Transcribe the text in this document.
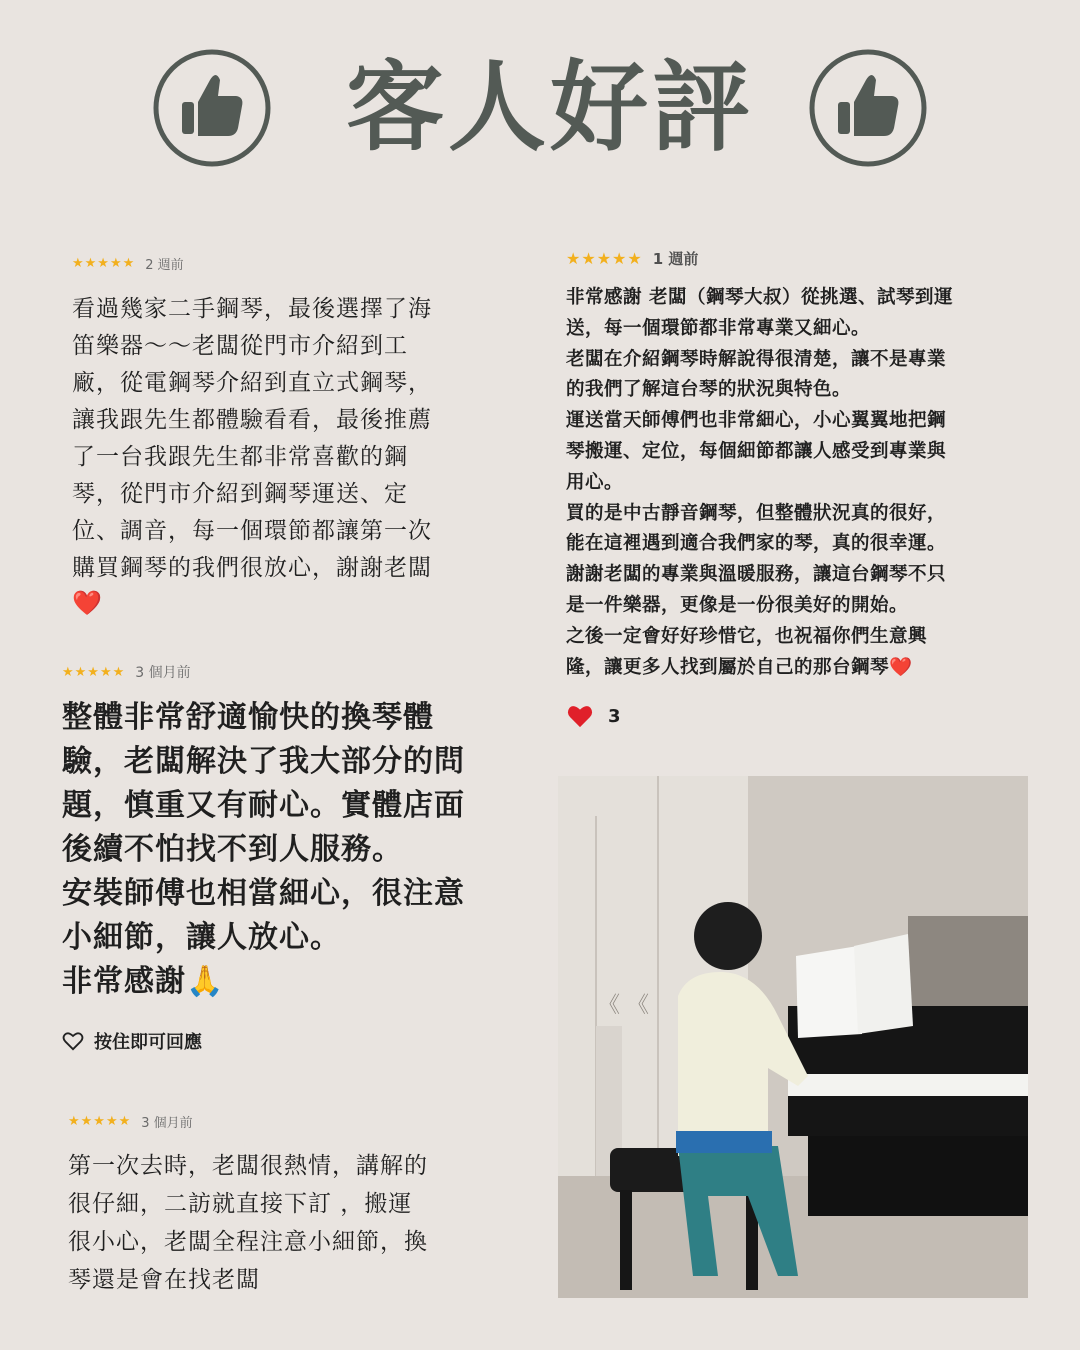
客人好評
★★★★★ 2 週前
看過幾家二手鋼琴，最後選擇了海
笛樂器～～老闆從門市介紹到工
廠，從電鋼琴介紹到直立式鋼琴，
讓我跟先生都體驗看看，最後推薦
了一台我跟先生都非常喜歡的鋼
琴，從門市介紹到鋼琴運送、定
位、調音，每一個環節都讓第一次
購買鋼琴的我們很放心，謝謝老闆
❤️
★★★★★ 3 個月前
整體非常舒適愉快的換琴體
驗，老闆解決了我大部分的問
題，慎重又有耐心。實體店面
後續不怕找不到人服務。
安裝師傅也相當細心，很注意
小細節，讓人放心。
非常感謝🙏
按住即可回應
★★★★★ 3 個月前
第一次去時，老闆很熱情，講解的
很仔細，二訪就直接下訂 ，搬運
很小心，老闆全程注意小細節，換
琴還是會在找老闆
★★★★★ 1 週前
非常感謝 老闆（鋼琴大叔）從挑選、試琴到運
送，每一個環節都非常專業又細心。
老闆在介紹鋼琴時解說得很清楚，讓不是專業
的我們了解這台琴的狀況與特色。
運送當天師傅們也非常細心，小心翼翼地把鋼
琴搬運、定位，每個細節都讓人感受到專業與
用心。
買的是中古靜音鋼琴，但整體狀況真的很好，
能在這裡遇到適合我們家的琴，真的很幸運。
謝謝老闆的專業與溫暖服務，讓這台鋼琴不只
是一件樂器，更像是一份很美好的開始。
之後一定會好好珍惜它，也祝福你們生意興
隆，讓更多人找到屬於自己的那台鋼琴❤️
3
《 《
